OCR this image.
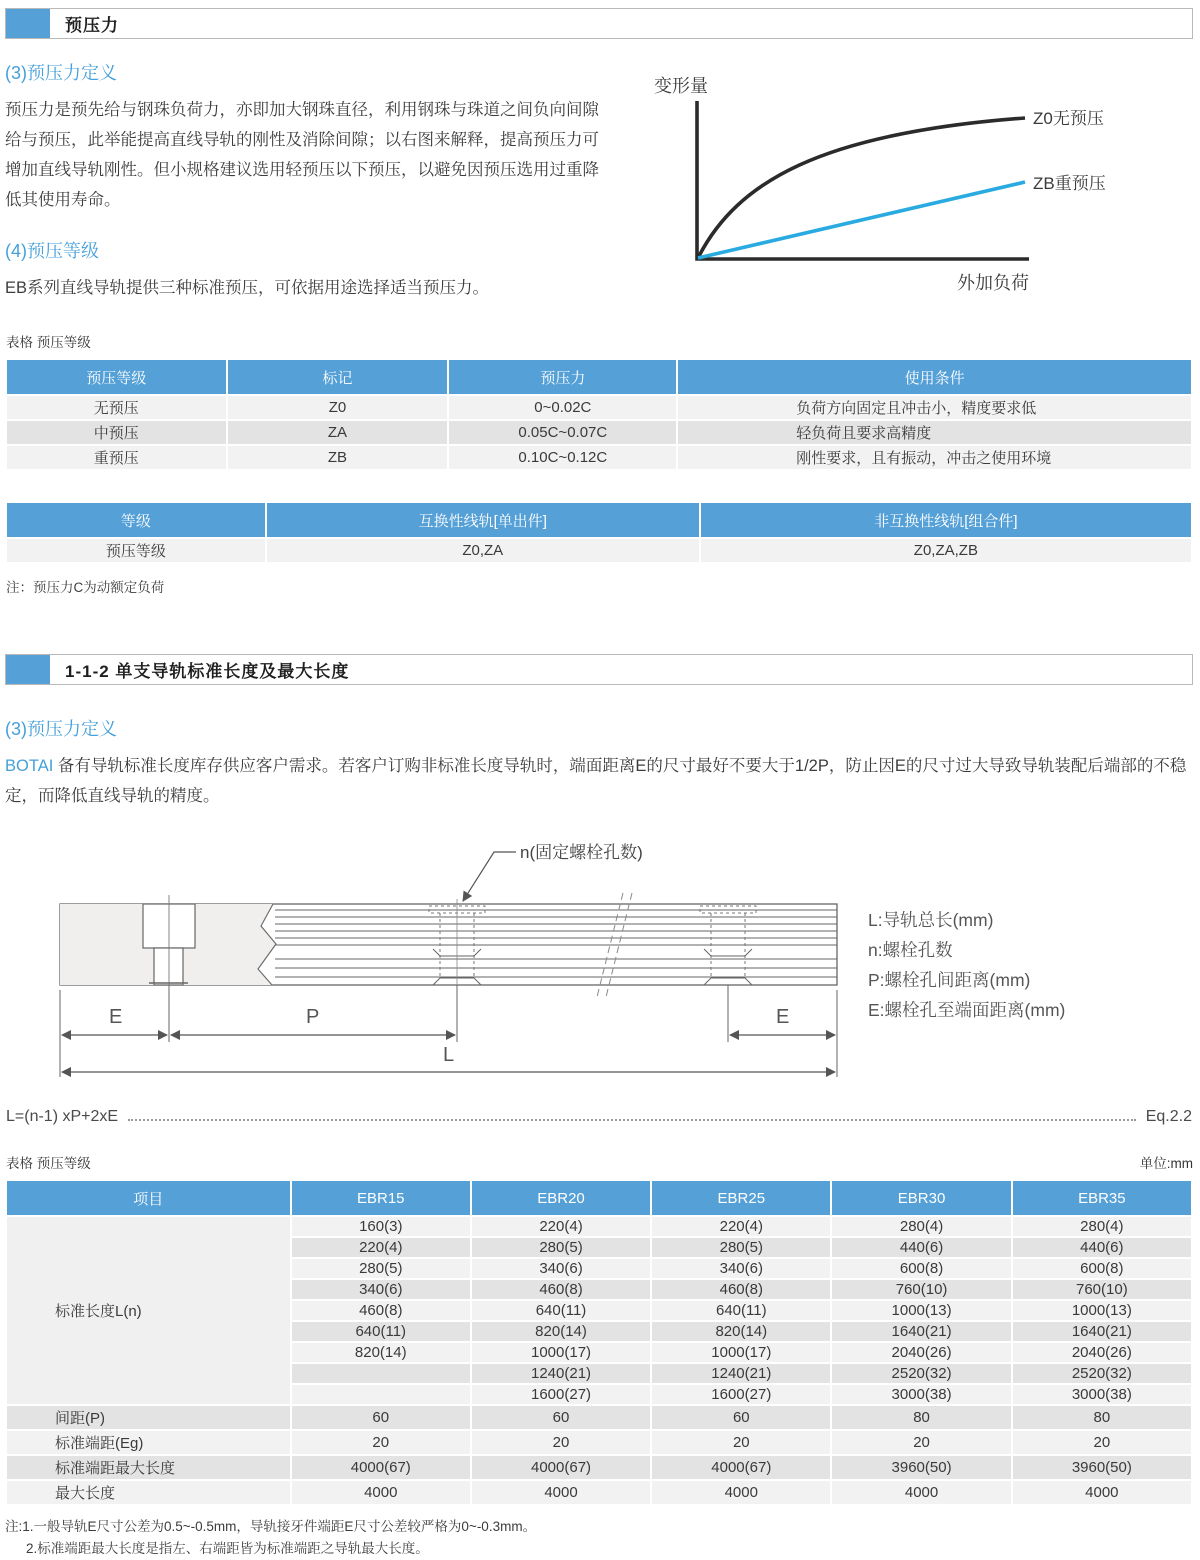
预压力
(3)预压力定义

预压力是预先给与钢珠负荷力，亦即加大钢珠直径，利用钢珠与珠道之间负向间隙给与预压，此举能提高直线导轨的刚性及消除间隙；以右图来解释，提高预压力可增加直线导轨刚性。但小规格建议选用轻预压以下预压，以避免因预压选用过重降低其使用寿命。

(4)预压等级

EB系列直线导轨提供三种标准预压，可依据用途选择适当预压力。

变形量
外加负荷
Z0无预压
ZB重预压
表格 预压等级
预压等级	标记	预压力	使用条件
无预压	Z0	0~0.02C	负荷方向固定且冲击小，精度要求低
中预压	ZA	0.05C~0.07C	轻负荷且要求高精度
重预压	ZB	0.10C~0.12C	刚性要求，且有振动，冲击之使用环境
等级	互换性线轨[单出件]	非互换性线轨[组合件]
预压等级	Z0,ZA	Z0,ZA,ZB
注：预压力C为动额定负荷
1-1-2 单支导轨标准长度及最大长度
(3)预压力定义

BOTAI 备有导轨标准长度库存供应客户需求。若客户订购非标准长度导轨时，端面距离E的尺寸最好不要大于1/2P，防止因E的尺寸过大导致导轨装配后端部的不稳定，而降低直线导轨的精度。

n(固定螺栓孔数)
E	P	E
L
L:导轨总长(mm)
n:螺栓孔数
P:螺栓孔间距离(mm)
E:螺栓孔至端面距离(mm)
L=(n-1) xP+2xE	Eq.2.2
表格 预压等级	单位:mm
项目	EBR15	EBR20	EBR25	EBR30	EBR35
标准长度L(n)	160(3)	220(4)	220(4)	280(4)	280(4)
	220(4)	280(5)	280(5)	440(6)	440(6)
	280(5)	340(6)	340(6)	600(8)	600(8)
	340(6)	460(8)	460(8)	760(10)	760(10)
	460(8)	640(11)	640(11)	1000(13)	1000(13)
	640(11)	820(14)	820(14)	1640(21)	1640(21)
	820(14)	1000(17)	1000(17)	2040(26)	2040(26)
		1240(21)	1240(21)	2520(32)	2520(32)
		1600(27)	1600(27)	3000(38)	3000(38)
间距(P)	60	60	60	80	80
标准端距(Eg)	20	20	20	20	20
标准端距最大长度	4000(67)	4000(67)	4000(67)	3960(50)	3960(50)
最大长度	4000	4000	4000	4000	4000
注:1.一般导轨E尺寸公差为0.5~-0.5mm，导轨接牙件端距E尺寸公差较严格为0~-0.3mm。
2.标准端距最大长度是指左、右端距皆为标准端距之导轨最大长度。
